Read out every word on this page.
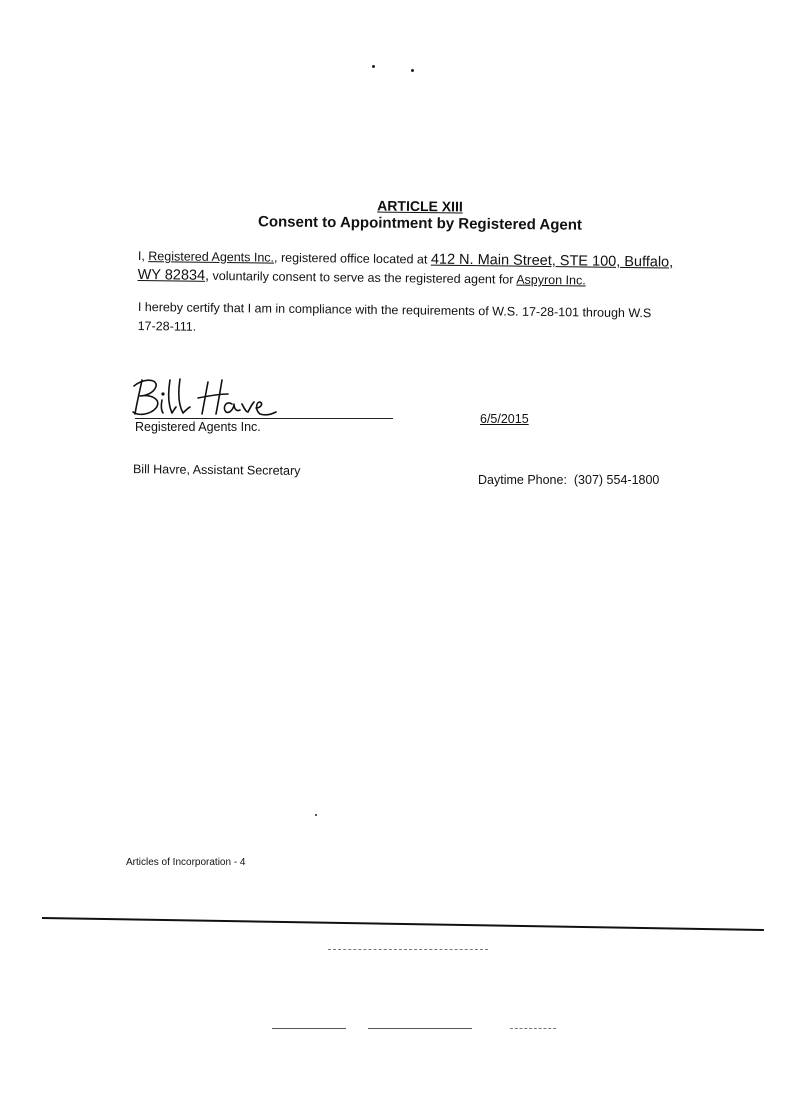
ARTICLE XIII
Consent to Appointment by Registered Agent
I, Registered Agents Inc., registered office located at 412 N. Main Street, STE 100, Buffalo,
WY 82834, voluntarily consent to serve as the registered agent for Aspyron Inc.
I hereby certify that I am in compliance with the requirements of W.S. 17-28-101 through W.S
17-28-111.
Registered Agents Inc.
6/5/2015
Bill Havre, Assistant Secretary
Daytime Phone: (307) 554-1800
Articles of Incorporation - 4
